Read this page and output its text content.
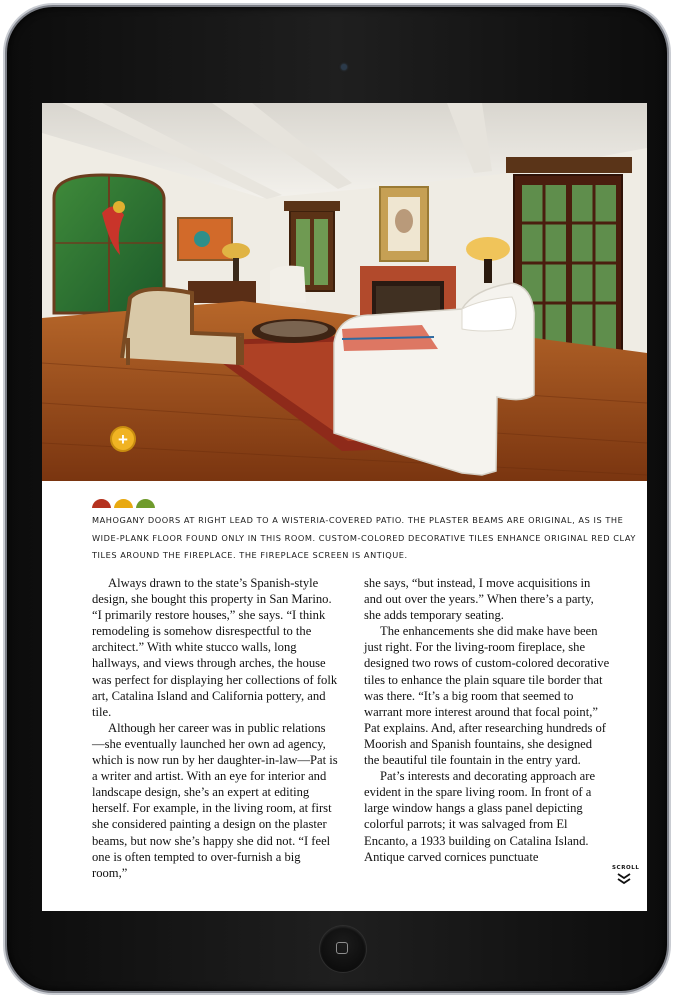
+

MAHOGANY DOORS AT RIGHT LEAD TO A WISTERIA-COVERED PATIO. THE PLASTER BEAMS ARE ORIGINAL, AS IS THE WIDE-PLANK FLOOR FOUND ONLY IN THIS ROOM. CUSTOM-COLORED DECORATIVE TILES ENHANCE ORIGINAL RED CLAY TILES AROUND THE FIREPLACE. THE FIREPLACE SCREEN IS ANTIQUE.

Always drawn to the state’s Spanish-style design, she bought this property in San Marino. “I primarily restore houses,” she says. “I think remodeling is somehow disrespectful to the architect.” With white stucco walls, long hallways, and views through arches, the house was perfect for displaying her collections of folk art, Catalina Island and California pottery, and tile.

Although her career was in public relations—she eventually launched her own ad agency, which is now run by her daughter-in-law—Pat is a writer and artist. With an eye for interior and landscape design, she’s an expert at editing herself. For example, in the living room, at first she considered painting a design on the plaster beams, but now she’s happy she did not. “I feel one is often tempted to over-furnish a big room,”

she says, “but instead, I move acquisitions in and out over the years.” When there’s a party, she adds temporary seating.

The enhancements she did make have been just right. For the living-room fireplace, she designed two rows of custom-colored decorative tiles to enhance the plain square tile border that was there. “It’s a big room that seemed to warrant more interest around that focal point,” Pat explains. And, after researching hundreds of Moorish and Spanish fountains, she designed the beautiful tile fountain in the entry yard.

Pat’s interests and decorating approach are evident in the spare living room. In front of a large window hangs a glass panel depicting colorful parrots; it was salvaged from El Encanto, a 1933 building on Catalina Island. Antique carved cornices punctuate

SCROLL
